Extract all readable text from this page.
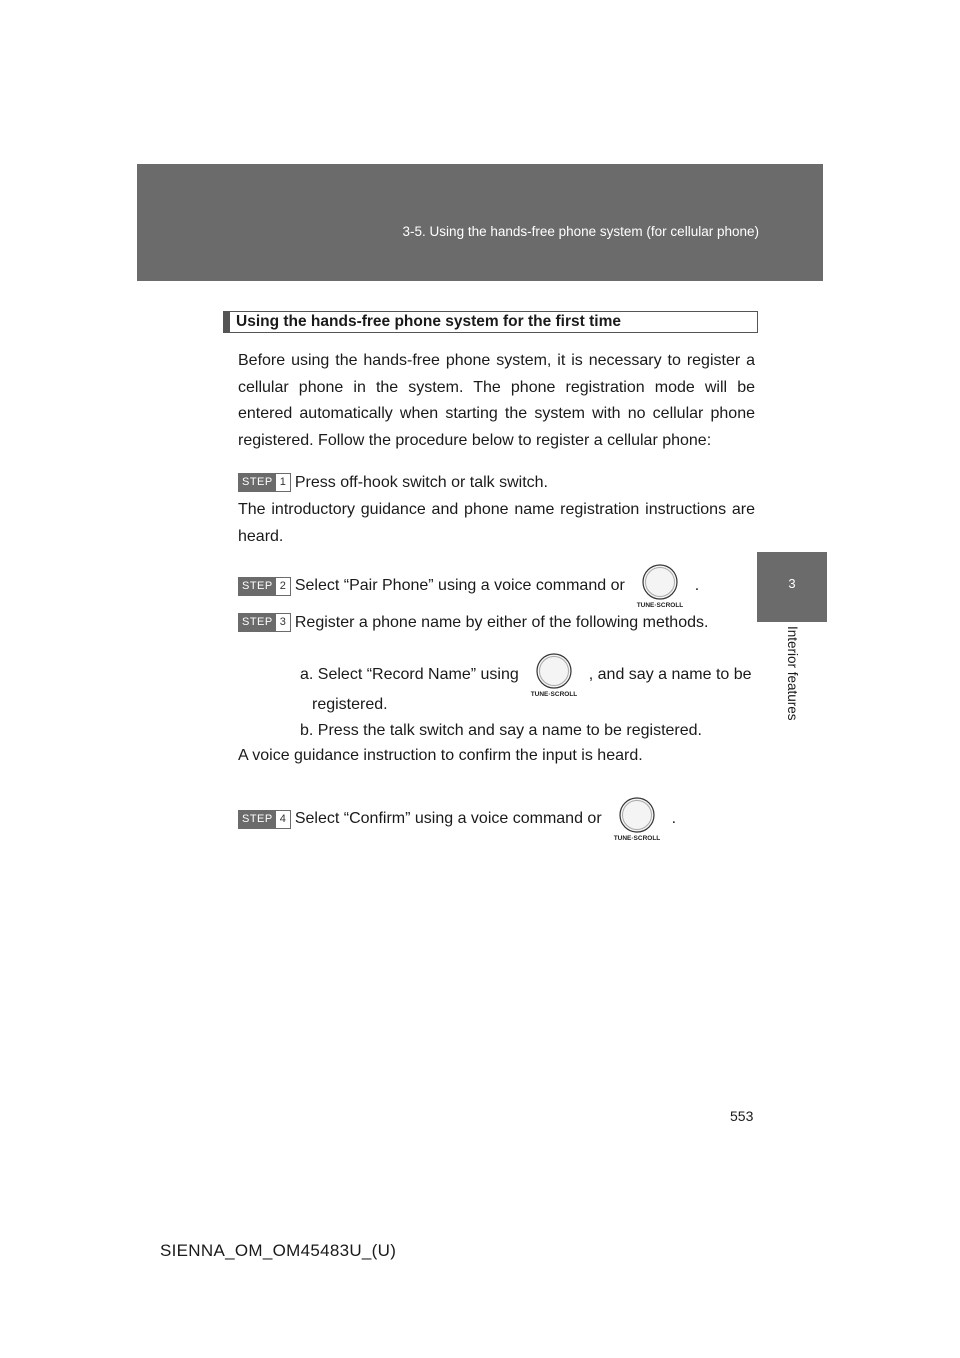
3-5. Using the hands-free phone system (for cellular phone)
3
Interior features
Using the hands-free phone system for the first time

Before using the hands-free phone system, it is necessary to register a cellular phone in the system. The phone registration mode will be entered automatically when starting the system with no cellular phone registered. Follow the procedure below to register a cellular phone:

STEP 1 Press off-hook switch or talk switch.

The introductory guidance and phone name registration instructions are heard.

STEP 2 Select “Pair Phone” using a voice command or
TUNE·SCROLL
.
STEP 3 Register a phone name by either of the following methods.
a. Select “Record Name” using
TUNE·SCROLL
, and say a name to be

registered.

b. Press the talk switch and say a name to be registered.

A voice guidance instruction to confirm the input is heard.

STEP 4 Select “Confirm” using a voice command or
TUNE·SCROLL
.
553
SIENNA_OM_OM45483U_(U)
